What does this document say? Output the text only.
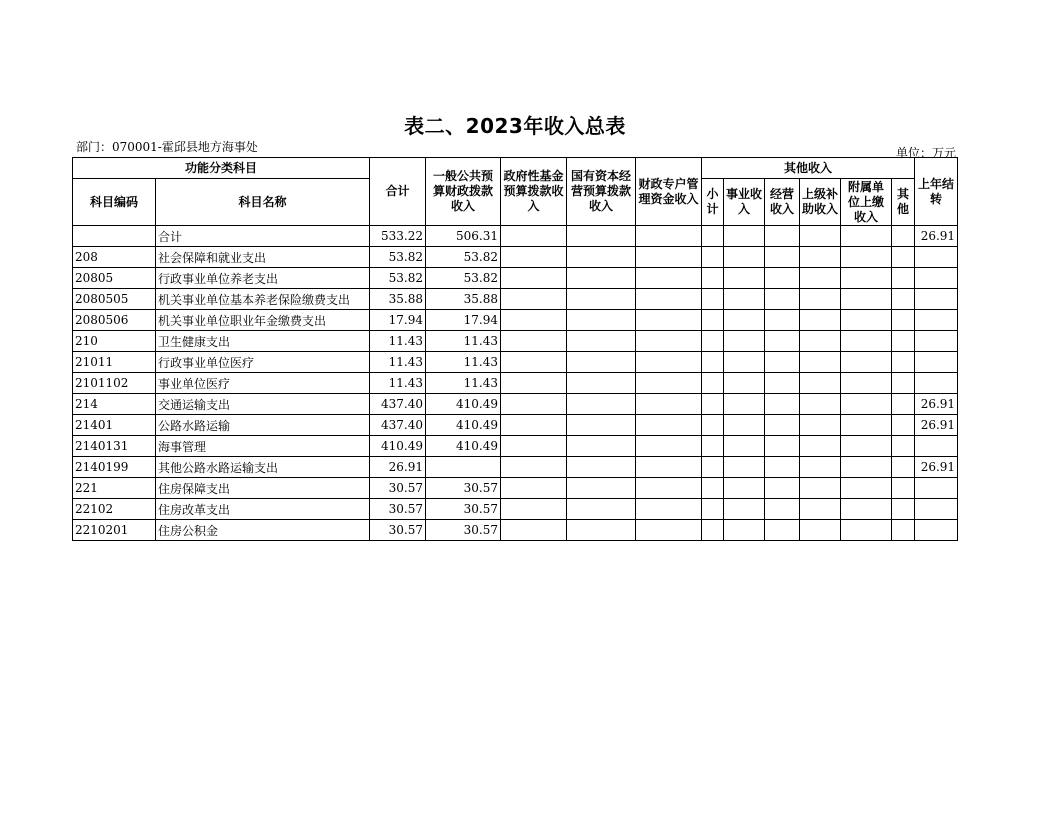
表二、2023年收入总表
部门：070001-霍邱县地方海事处	单位：万元
功能分类科目		合计	一般公共预算财政拨款收入	政府性基金预算拨款收入	国有资本经营预算拨款收入	财政专户管理资金收入	其他收入						上年结转
科目编码	科目名称						小计	事业收入	经营收入	上级补助收入	附属单位上缴收入	其他	
	合计	533.22	506.31										26.91
208	社会保障和就业支出	53.82	53.82										
20805	行政事业单位养老支出	53.82	53.82										
2080505	机关事业单位基本养老保险缴费支出	35.88	35.88										
2080506	机关事业单位职业年金缴费支出	17.94	17.94										
210	卫生健康支出	11.43	11.43										
21011	行政事业单位医疗	11.43	11.43										
2101102	事业单位医疗	11.43	11.43										
214	交通运输支出	437.40	410.49										26.91
21401	公路水路运输	437.40	410.49										26.91
2140131	海事管理	410.49	410.49										
2140199	其他公路水路运输支出	26.91											26.91
221	住房保障支出	30.57	30.57										
22102	住房改革支出	30.57	30.57										
2210201	住房公积金	30.57	30.57										
